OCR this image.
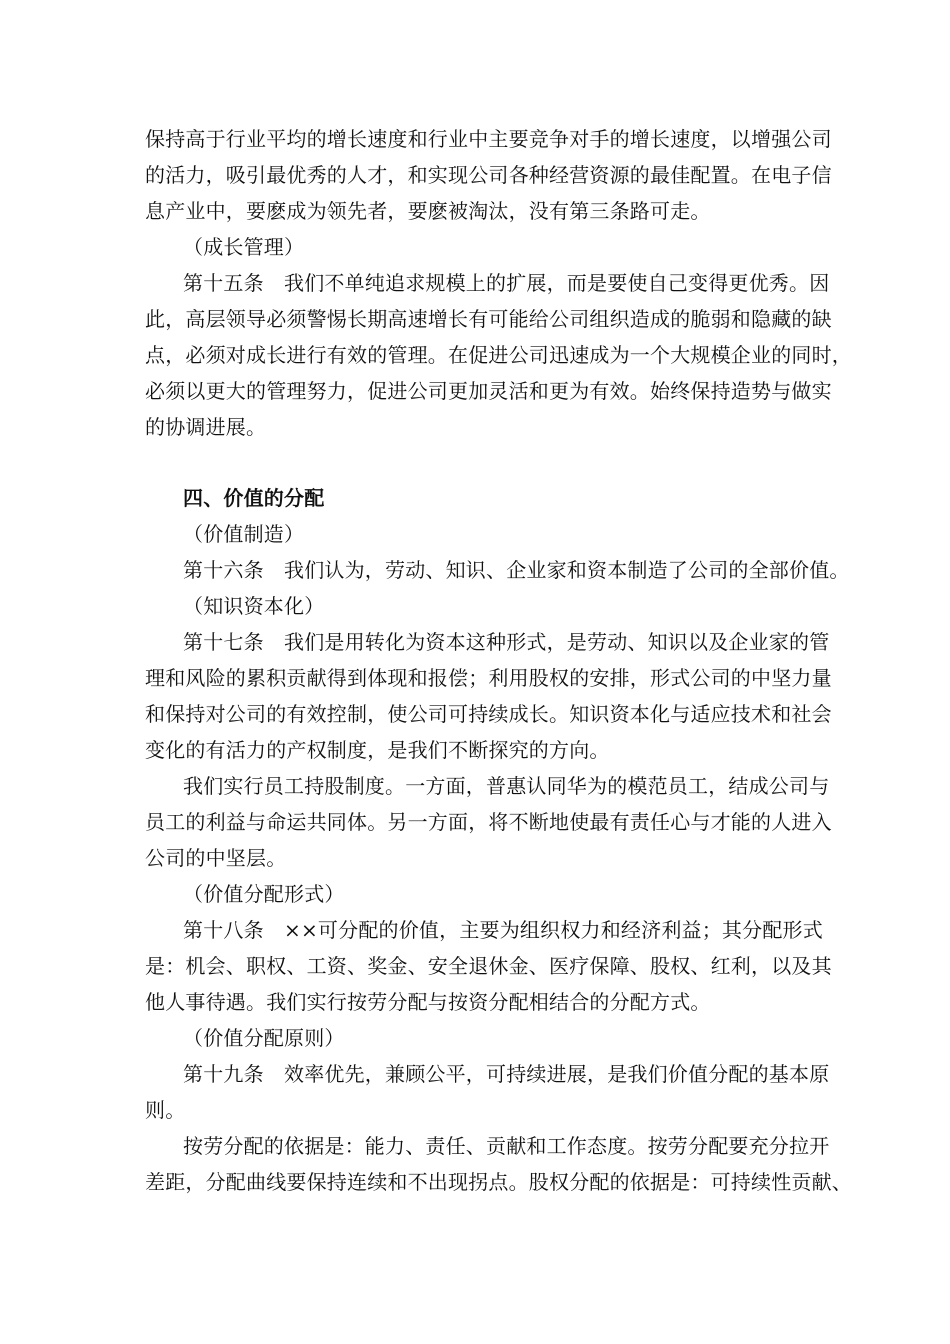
保持高于行业平均的增长速度和行业中主要竞争对手的增长速度，以增强公司
的活力，吸引最优秀的人才，和实现公司各种经营资源的最佳配置。在电子信
息产业中，要麽成为领先者，要麽被淘汰，没有第三条路可走。
（成长管理）
第十五条　我们不单纯追求规模上的扩展，而是要使自己变得更优秀。因
此，高层领导必须警惕长期高速增长有可能给公司组织造成的脆弱和隐藏的缺
点，必须对成长进行有效的管理。在促进公司迅速成为一个大规模企业的同时，
必须以更大的管理努力，促进公司更加灵活和更为有效。始终保持造势与做实
的协调进展。
四、价值的分配
（价值制造）
第十六条　我们认为，劳动、知识、企业家和资本制造了公司的全部价值。
（知识资本化）
第十七条　我们是用转化为资本这种形式，是劳动、知识以及企业家的管
理和风险的累积贡献得到体现和报偿；利用股权的安排，形式公司的中坚力量
和保持对公司的有效控制，使公司可持续成长。知识资本化与适应技术和社会
变化的有活力的产权制度，是我们不断探究的方向。
我们实行员工持股制度。一方面，普惠认同华为的模范员工，结成公司与
员工的利益与命运共同体。另一方面，将不断地使最有责任心与才能的人进入
公司的中坚层。
（价值分配形式）
第十八条　××可分配的价值，主要为组织权力和经济利益；其分配形式
是：机会、职权、工资、奖金、安全退休金、医疗保障、股权、红利，以及其
他人事待遇。我们实行按劳分配与按资分配相结合的分配方式。
（价值分配原则）
第十九条　效率优先，兼顾公平，可持续进展，是我们价值分配的基本原
则。
按劳分配的依据是：能力、责任、贡献和工作态度。按劳分配要充分拉开
差距，分配曲线要保持连续和不出现拐点。股权分配的依据是：可持续性贡献、
